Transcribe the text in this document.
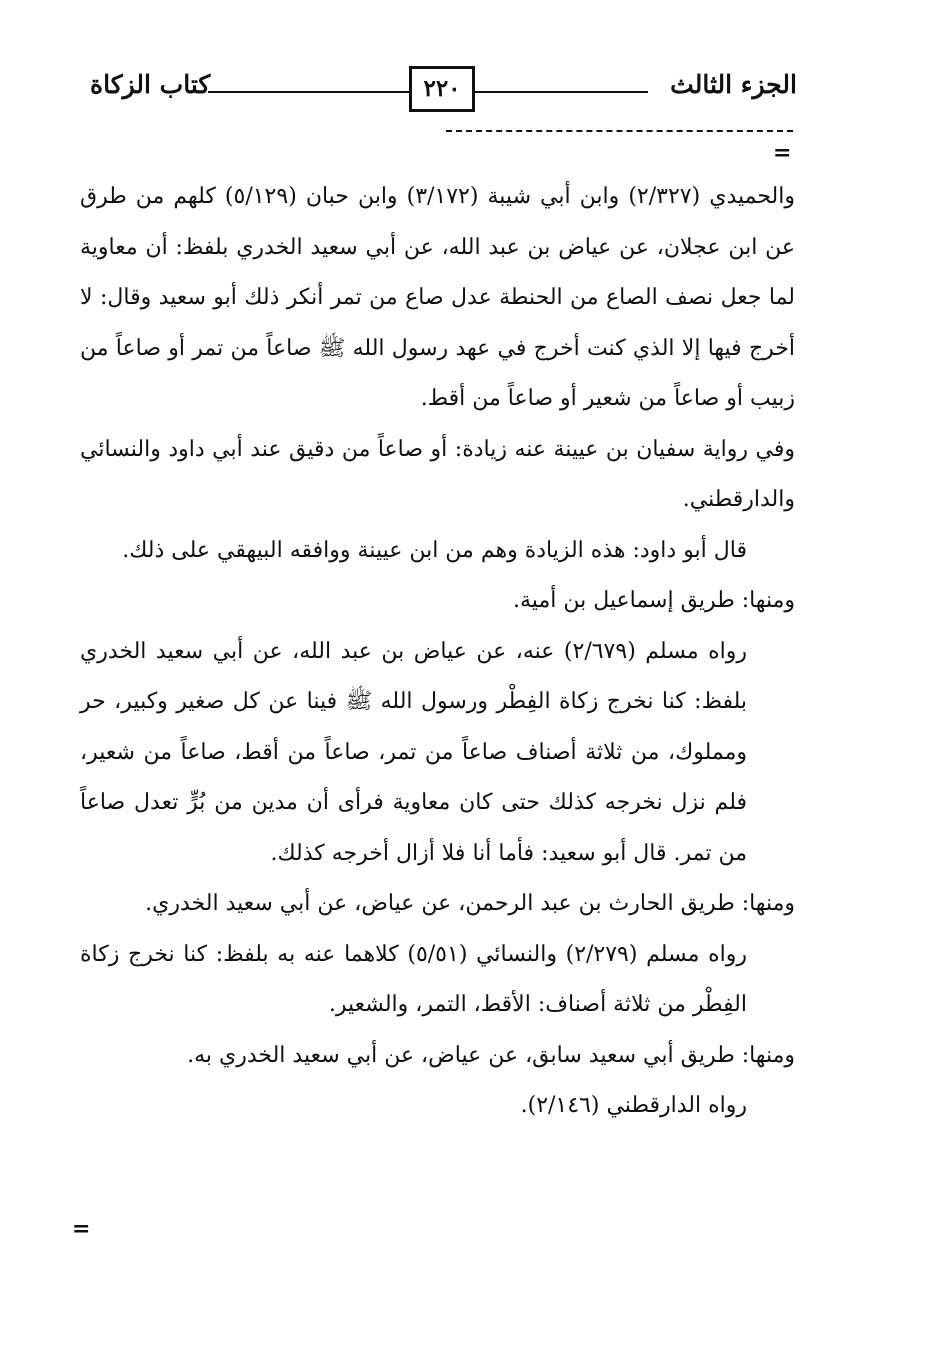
كتاب الزكاة	٢٢٠	الجزء الثالث
=

والحميدي (٢/٣٢٧) وابن أبي شيبة (٣/١٧٢) وابن حبان (٥/١٢٩) كلهم من طرق عن ابن عجلان، عن عياض بن عبد الله، عن أبي سعيد الخدري بلفظ: أن معاوية لما جعل نصف الصاع من الحنطة عدل صاع من تمر أنكر ذلك أبو سعيد وقال: لا أخرج فيها إلا الذي كنت أخرج في عهد رسول الله ﷺ صاعاً من تمر أو صاعاً من زبيب أو صاعاً من شعير أو صاعاً من أقط.

وفي رواية سفيان بن عيينة عنه زيادة: أو صاعاً من دقيق عند أبي داود والنسائي والدارقطني.

قال أبو داود: هذه الزيادة وهم من ابن عيينة ووافقه البيهقي على ذلك.

ومنها: طريق إسماعيل بن أمية.

رواه مسلم (٢/٦٧٩) عنه، عن عياض بن عبد الله، عن أبي سعيد الخدري بلفظ: كنا نخرج زكاة الفِطْر ورسول الله ﷺ فينا عن كل صغير وكبير، حر ومملوك، من ثلاثة أصناف صاعاً من تمر، صاعاً من أقط، صاعاً من شعير، فلم نزل نخرجه كذلك حتى كان معاوية فرأى أن مدين من بُرٍّ تعدل صاعاً من تمر. قال أبو سعيد: فأما أنا فلا أزال أخرجه كذلك.

ومنها: طريق الحارث بن عبد الرحمن، عن عياض، عن أبي سعيد الخدري.

رواه مسلم (٢/٢٧٩) والنسائي (٥/٥١) كلاهما عنه به بلفظ: كنا نخرج زكاة الفِطْر من ثلاثة أصناف: الأقط، التمر، والشعير.

ومنها: طريق أبي سعيد سابق، عن عياض، عن أبي سعيد الخدري به.

رواه الدارقطني (٢/١٤٦).

=
